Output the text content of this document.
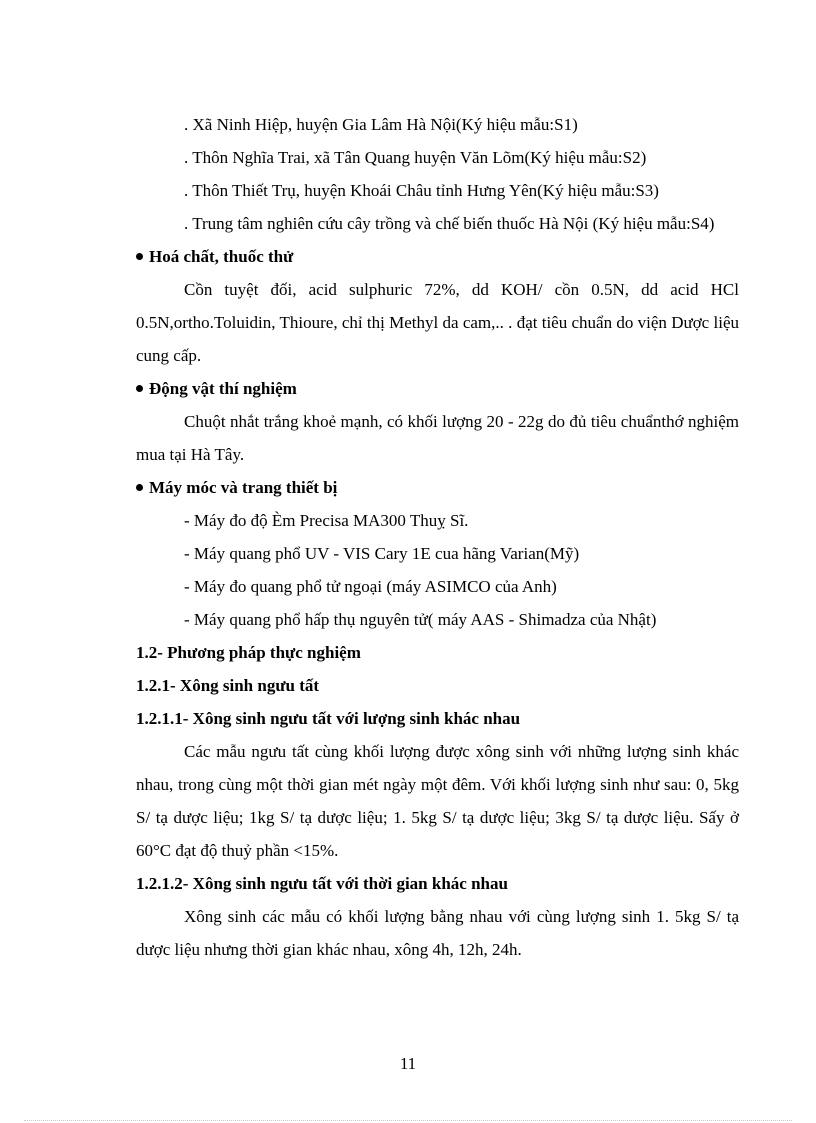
. Xã Ninh Hiệp, huyện Gia Lâm Hà Nội(Ký hiệu mẫu:S1)
. Thôn Nghĩa Trai, xã Tân Quang huyện Văn Lõm(Ký hiệu mẫu:S2)
. Thôn Thiết Trụ, huyện Khoái Châu tỉnh Hưng Yên(Ký hiệu mẫu:S3)
. Trung tâm nghiên cứu cây trồng và chế biến thuốc Hà Nội (Ký hiệu mẫu:S4)
Hoá chất, thuốc thử
Cồn tuyệt đối, acid sulphuric 72%, dd KOH/ cồn 0.5N, dd acid HCl 0.5N,ortho.Toluidin, Thioure, chỉ thị Methyl da cam,.. . đạt tiêu chuẩn do viện Dược liệu cung cấp.
Động vật thí nghiệm
Chuột nhắt trắng khoẻ mạnh, có khối lượng 20 - 22g do đủ tiêu chuẩnthớ nghiệm mua tại Hà Tây.
Máy móc và trang thiết bị
- Máy đo độ Èm Precisa MA300 Thuỵ Sĩ.
- Máy quang phổ UV - VIS Cary 1E cua hãng Varian(Mỹ)
- Máy đo quang phổ tử ngoại (máy ASIMCO của Anh)
- Máy quang phổ hấp thụ nguyên tử( máy AAS - Shimadza của Nhật)
1.2- Phương pháp thực nghiệm
1.2.1- Xông sinh ngưu tất
1.2.1.1- Xông sinh ngưu tất với lượng sinh khác nhau
Các mẫu ngưu tất cùng khối lượng được xông sinh với những lượng sinh khác nhau, trong cùng một thời gian mét ngày một đêm. Với khối lượng sinh như sau: 0, 5kg S/ tạ dược liệu; 1kg S/ tạ dược liệu; 1. 5kg S/ tạ dược liệu; 3kg S/ tạ dược liệu. Sấy ở 60°C đạt độ thuỷ phần <15%.
1.2.1.2- Xông sinh ngưu tất với thời gian khác nhau
Xông sinh các mẫu có khối lượng bằng nhau với cùng lượng sinh 1. 5kg S/ tạ dược liệu nhưng thời gian khác nhau, xông 4h, 12h, 24h.
11
